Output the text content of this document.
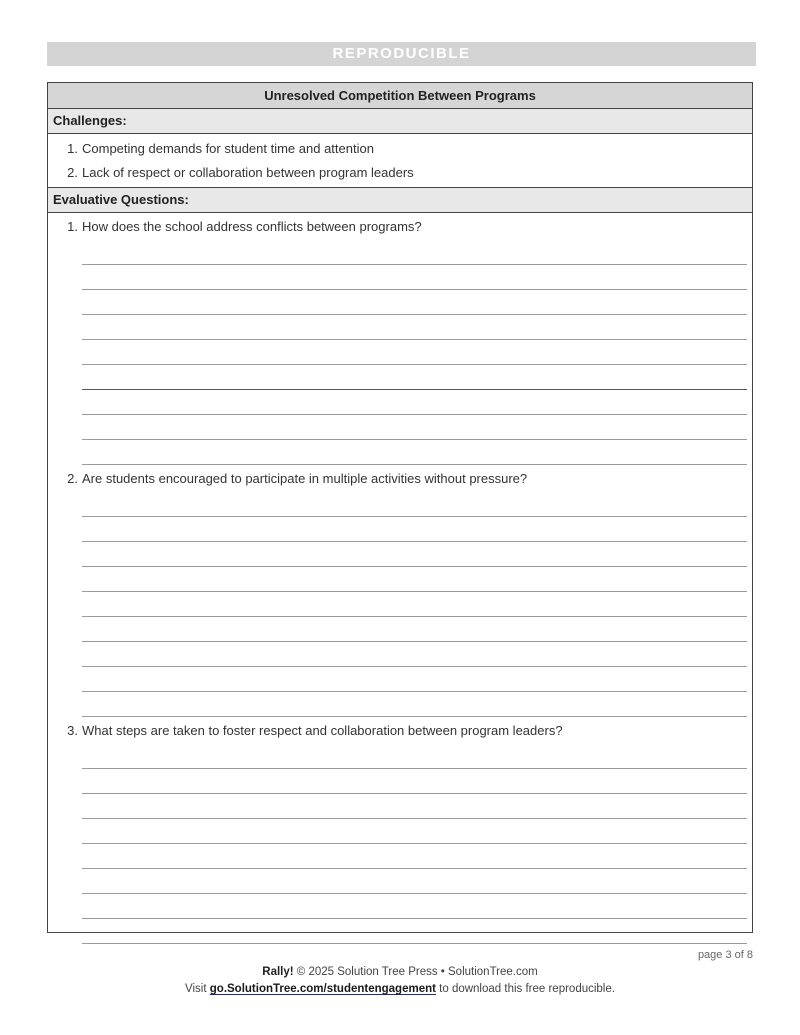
REPRODUCIBLE
Unresolved Competition Between Programs
Challenges:
1. Competing demands for student time and attention
2. Lack of respect or collaboration between program leaders
Evaluative Questions:
1. How does the school address conflicts between programs?
2. Are students encouraged to participate in multiple activities without pressure?
3. What steps are taken to foster respect and collaboration between program leaders?
page 3 of 8
Rally! © 2025 Solution Tree Press • SolutionTree.com
Visit go.SolutionTree.com/studentengagement to download this free reproducible.
